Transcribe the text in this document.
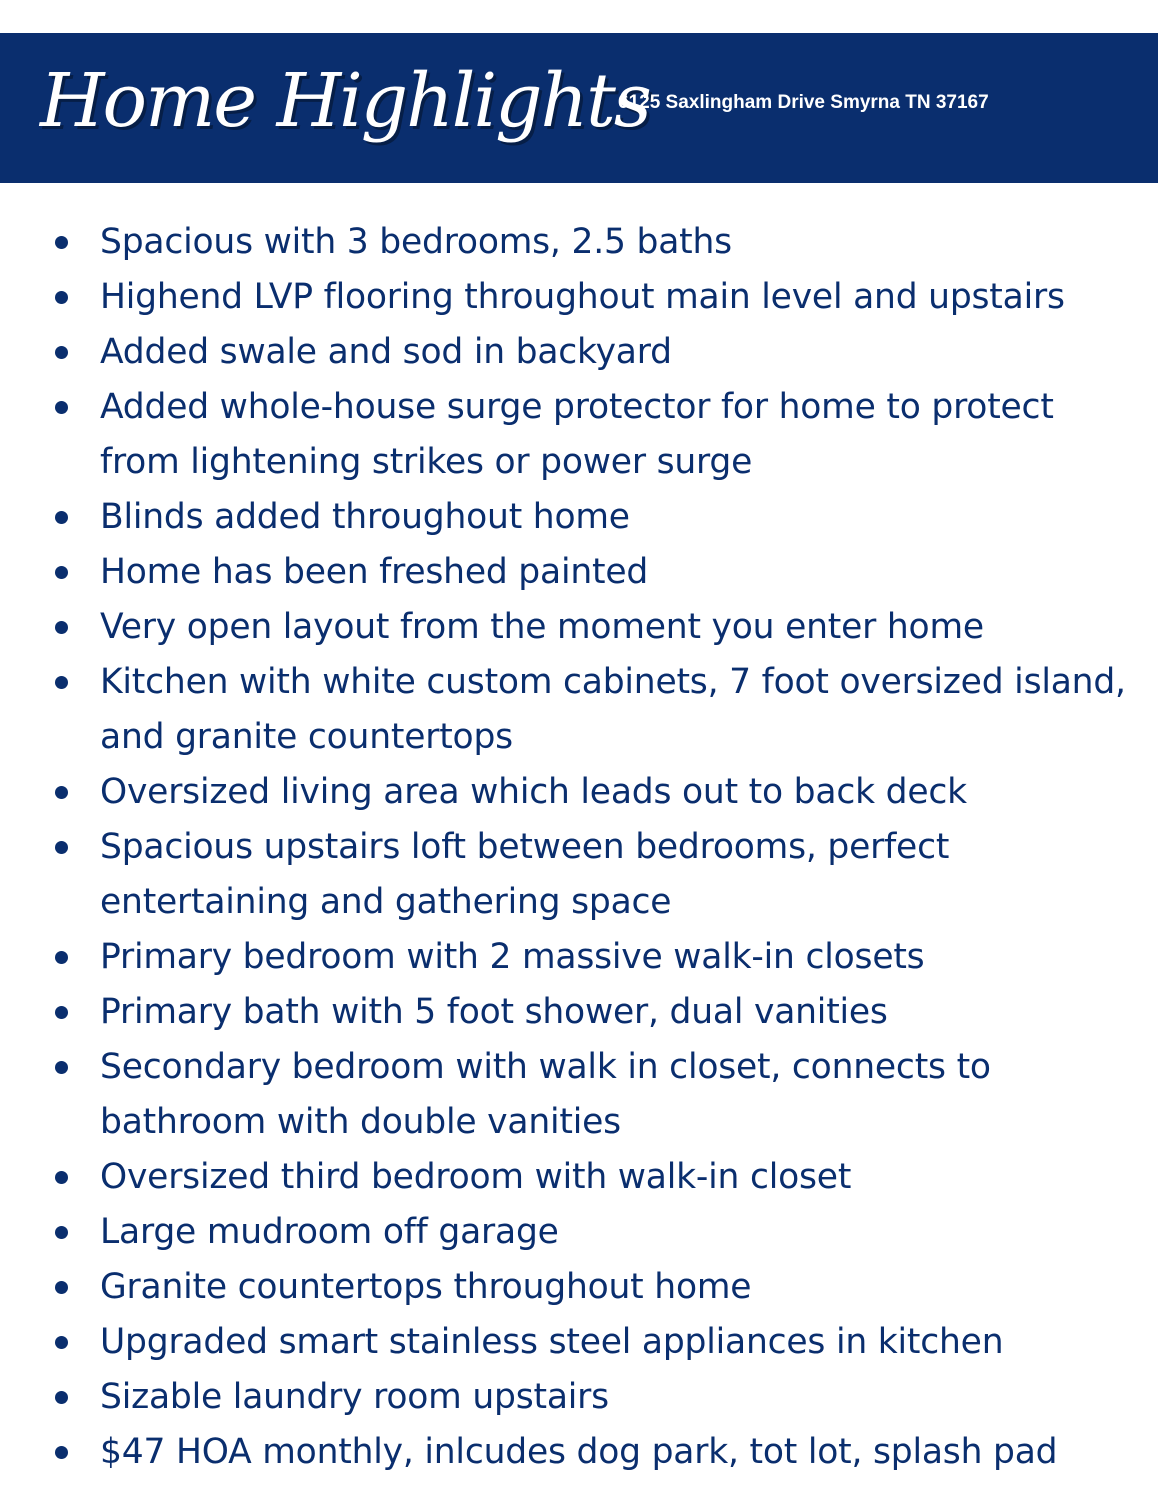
Home Highlights
6125 Saxlingham Drive Smyrna TN 37167
Spacious with 3 bedrooms, 2.5 baths
Highend LVP flooring throughout main level and upstairs
Added swale and sod in backyard
Added whole-house surge protector for home to protect from lightening strikes or power surge
Blinds added throughout home
Home has been freshed painted
Very open layout from the moment you enter home
Kitchen with white custom cabinets, 7 foot oversized island, and granite countertops
Oversized living area which leads out to back deck
Spacious upstairs loft between bedrooms, perfect entertaining and gathering space
Primary bedroom with 2 massive walk-in closets
Primary bath with 5 foot shower, dual vanities
Secondary bedroom with walk in closet, connects to bathroom with double vanities
Oversized third bedroom with walk-in closet
Large mudroom off garage
Granite countertops throughout home
Upgraded smart stainless steel appliances in kitchen
Sizable laundry room upstairs
$47 HOA monthly, inlcudes dog park, tot lot, splash pad
